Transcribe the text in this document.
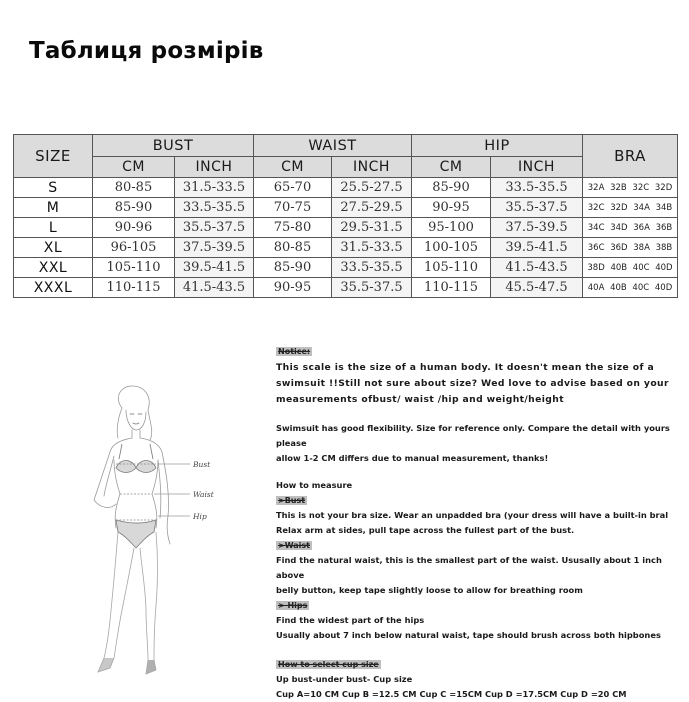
Таблиця розмірів
SIZE	BUST		WAIST		HIP		BRA
	CM	INCH	CM	INCH	CM	INCH	
S	80-85	31.5-33.5	65-70	25.5-27.5	85-90	33.5-35.5	32A 32B 32C 32D
M	85-90	33.5-35.5	70-75	27.5-29.5	90-95	35.5-37.5	32C 32D 34A 34B
L	90-96	35.5-37.5	75-80	29.5-31.5	95-100	37.5-39.5	34C 34D 36A 36B
XL	96-105	37.5-39.5	80-85	31.5-33.5	100-105	39.5-41.5	36C 36D 38A 38B
XXL	105-110	39.5-41.5	85-90	33.5-35.5	105-110	41.5-43.5	38D 40B 40C 40D
XXXL	110-115	41.5-43.5	90-95	35.5-37.5	110-115	45.5-47.5	40A 40B 40C 40D
Bust
Waist
Hip

Notice:

This scale is the size of a human body. It doesn't mean the size of a

swimsuit !!Still not sure about size? Wed love to advise based on your

measurements ofbust/ waist /hip and weight/height

Swimsuit has good flexibility. Size for reference only. Compare the detail with yours please

allow 1-2 CM differs due to manual measurement, thanks!

How to measure

>Bust

This is not your bra size. Wear an unpadded bra (your dress will have a built-in bral

Relax arm at sides, pull tape across the fullest part of the bust.

>Waist

Find the natural waist, this is the smallest part of the waist. Ususally about 1 inch above

belly button, keep tape slightly loose to allow for breathing room

> Hips

Find the widest part of the hips

Usually about 7 inch below natural waist, tape should brush across both hipbones

How to select cup size

Up bust-under bust- Cup size

Cup A=10 CM Cup B =12.5 CM Cup C =15CM Cup D =17.5CM Cup D =20 CM
